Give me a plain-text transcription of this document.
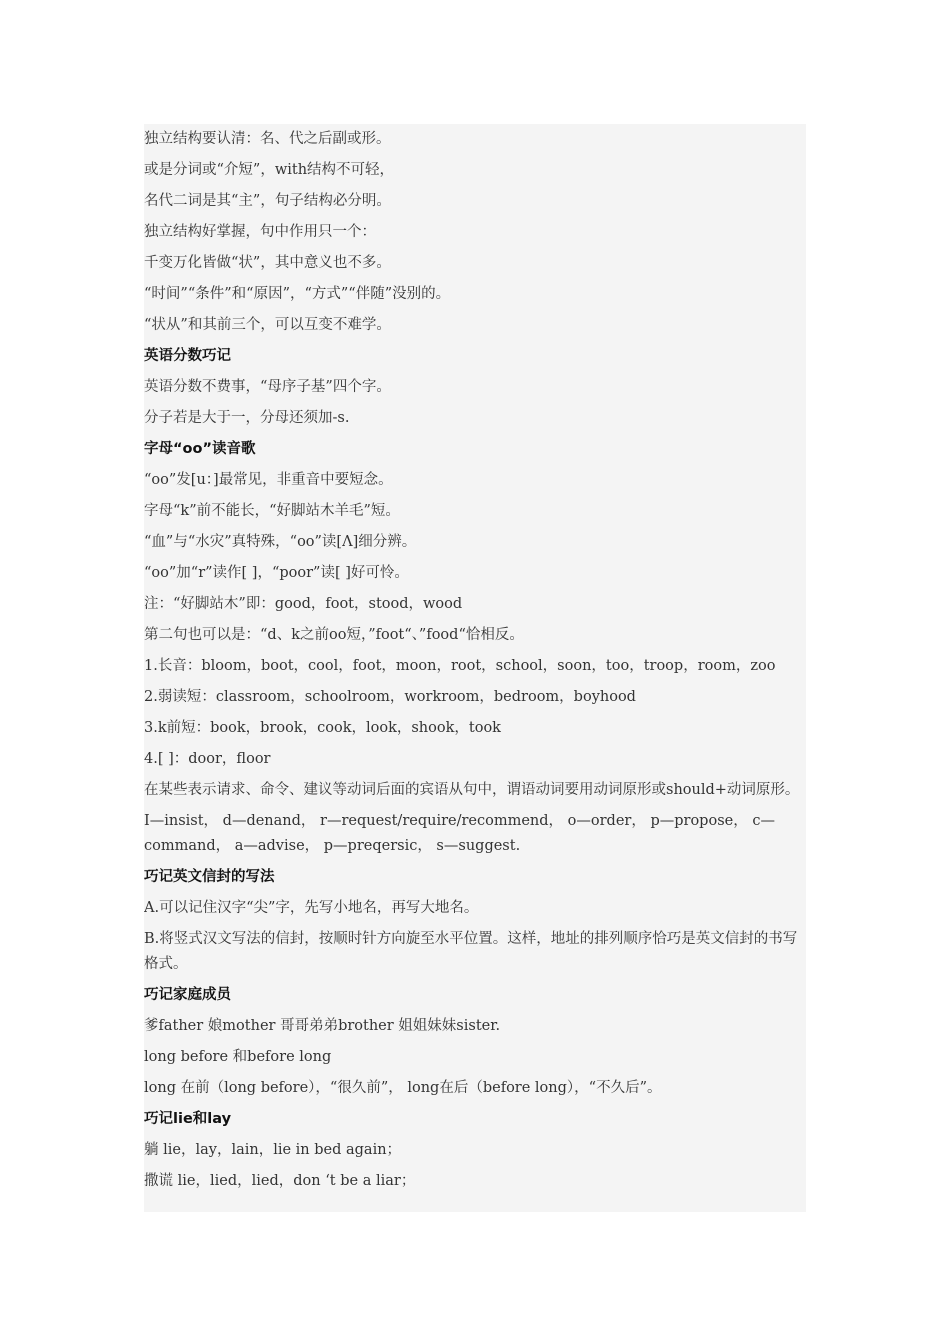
独立结构要认清：名、代之后副或形。
或是分词或“介短”，with结构不可轻，
名代二词是其“主”，句子结构必分明。
独立结构好掌握，句中作用只一个：
千变万化皆做“状”，其中意义也不多。
“时间”“条件”和“原因”，“方式”“伴随”没别的。
“状从”和其前三个，可以互变不难学。
英语分数巧记
英语分数不费事，“母序子基”四个字。
分子若是大于一，分母还须加-s.
字母“oo”读音歌
“oo”发[u：]最常见，非重音中要短念。
字母“k”前不能长，“好脚站木羊毛”短。
“血”与“水灾”真特殊，“oo”读[Λ]细分辨。
“oo”加“r”读作[ ]，“poor”读[ ]好可怜。
注：“好脚站木”即：good，foot，stood，wood
第二句也可以是：“d、k之前oo短，”foot“、”food“恰相反。
1.长音：bloom，boot，cool，foot，moon，root，school，soon，too，troop，room，zoo
2.弱读短：classroom，schoolroom，workroom，bedroom，boyhood
3.k前短：book，brook，cook，look，shook，took
4.[ ]：door，floor
在某些表示请求、命令、建议等动词后面的宾语从句中，谓语动词要用动词原形或should+动词原形。
I—insist， d—denand， r—request/require/recommend， o—order， p—propose， c—command， a—advise， p—preqersic， s—suggest.
巧记英文信封的写法
A.可以记住汉字“尖”字，先写小地名，再写大地名。
B.将竖式汉文写法的信封，按顺时针方向旋至水平位置。这样，地址的排列顺序恰巧是英文信封的书写格式。
巧记家庭成员
爹father 娘mother 哥哥弟弟brother 姐姐妹妹sister.
long before 和before long
long 在前（long before），“很久前”， long在后（before long），“不久后”。
巧记lie和lay
躺 lie，lay，lain，lie in bed again；
撒谎 lie，lied，lied，don ‘t be a liar；
